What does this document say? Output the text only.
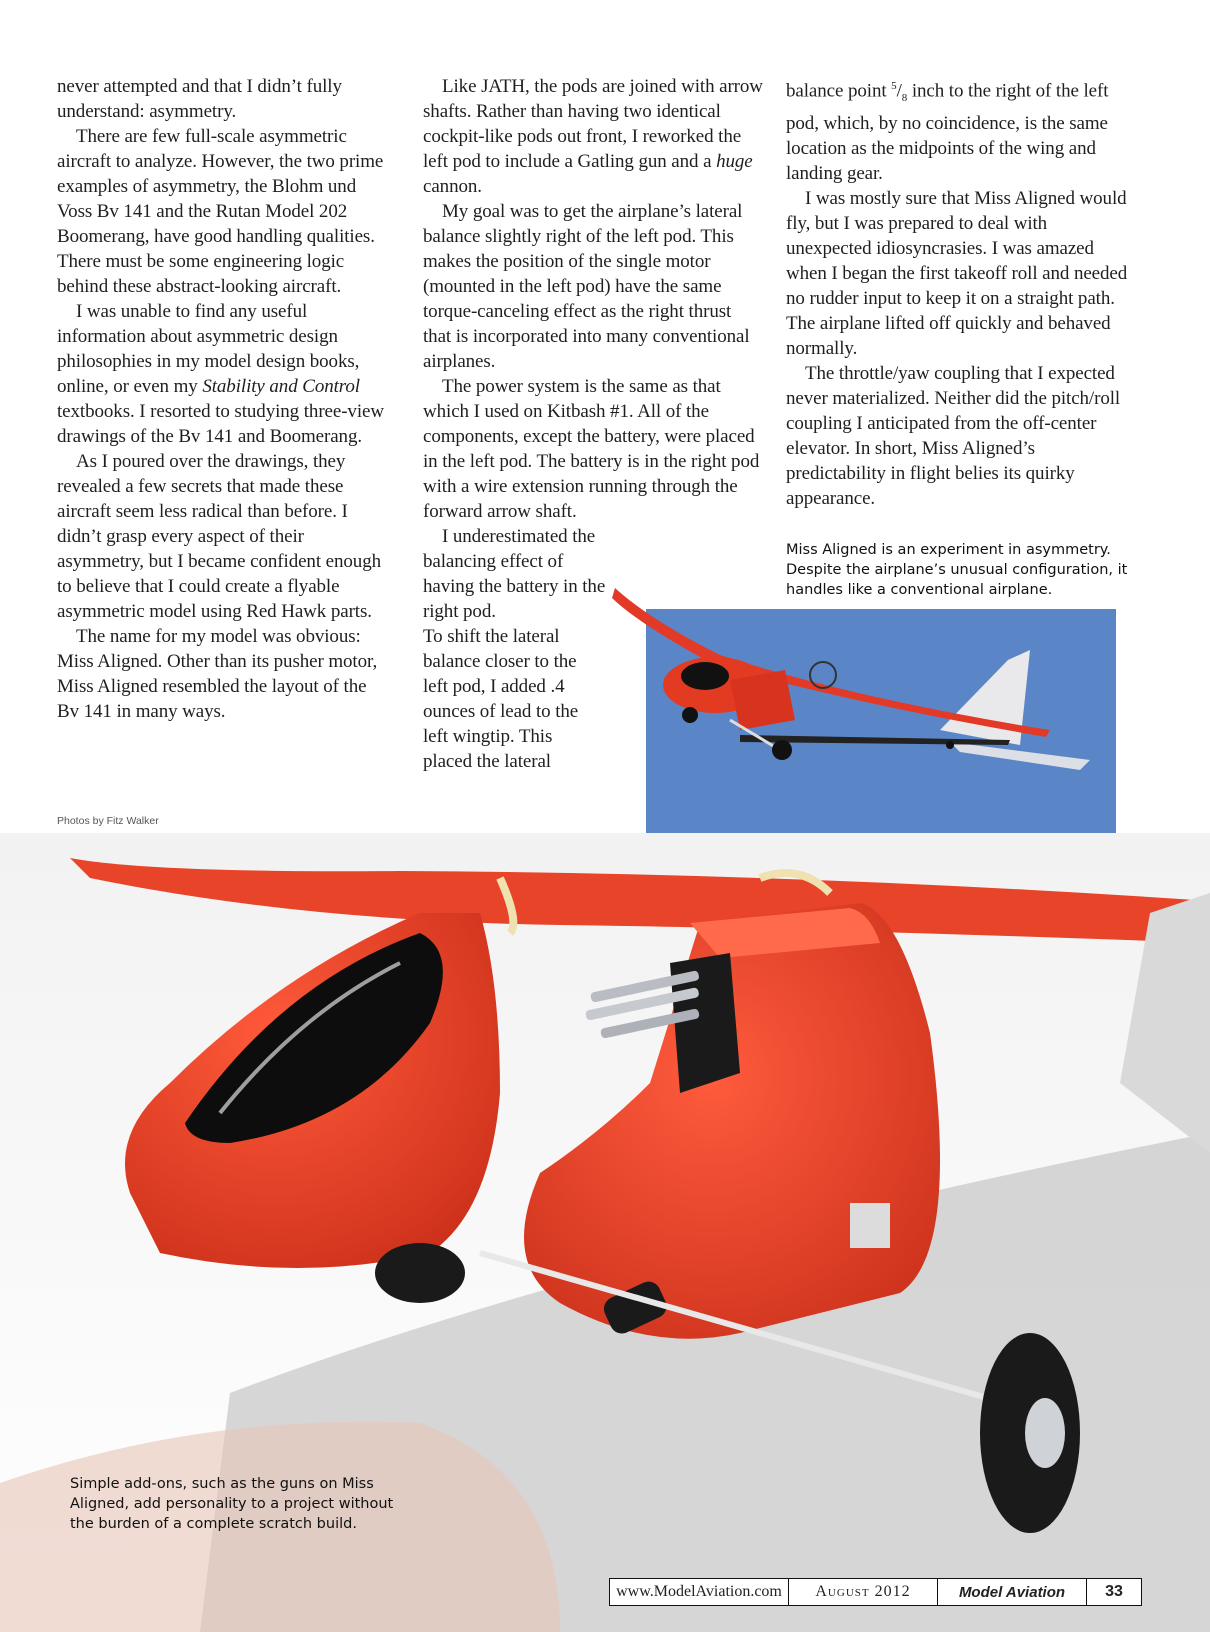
never attempted and that I didn’t fully understand: asymmetry.

There are few full-scale asymmetric aircraft to analyze. However, the two prime examples of asymmetry, the Blohm und Voss Bv 141 and the Rutan Model 202 Boomerang, have good handling qualities. There must be some engineering logic behind these abstract-looking aircraft.

I was unable to find any useful information about asymmetric design philosophies in my model design books, online, or even my Stability and Control textbooks. I resorted to studying three-view drawings of the Bv 141 and Boomerang.

As I poured over the drawings, they revealed a few secrets that made these aircraft seem less radical than before. I didn’t grasp every aspect of their asymmetry, but I became confident enough to believe that I could create a flyable asymmetric model using Red Hawk parts.

The name for my model was obvious: Miss Aligned. Other than its pusher motor, Miss Aligned resembled the layout of the Bv 141 in many ways.

Like JATH, the pods are joined with arrow shafts. Rather than having two identical cockpit-like pods out front, I reworked the left pod to include a Gatling gun and a huge cannon.

My goal was to get the airplane’s lateral balance slightly right of the left pod. This makes the position of the single motor (mounted in the left pod) have the same torque-canceling effect as the right thrust that is incorporated into many conventional airplanes.

The power system is the same as that which I used on Kitbash #1. All of the components, except the battery, were placed in the left pod. The battery is in the right pod with a wire extension running through the forward arrow shaft.

I underestimated the balancing effect of having the battery in the right pod.

To shift the lateral balance closer to the left pod, I added .4 ounces of lead to the left wingtip. This placed the lateral

balance point $^5/_8$ inch to the right of the left pod, which, by no coincidence, is the same location as the midpoints of the wing and landing gear.

I was mostly sure that Miss Aligned would fly, but I was prepared to deal with unexpected idiosyncrasies. I was amazed when I began the first takeoff roll and needed no rudder input to keep it on a straight path. The airplane lifted off quickly and behaved normally.

The throttle/yaw coupling that I expected never materialized. Neither did the pitch/roll coupling I anticipated from the off-center elevator. In short, Miss Aligned’s predictability in flight belies its quirky appearance.

Miss Aligned is an experiment in asymmetry. Despite the airplane’s unusual configuration, it handles like a conventional airplane.
Photos by Fitz Walker
Simple add-ons, such as the guns on Miss Aligned, add personality to a project without the burden of a complete scratch build.
www.ModelAviation.com	August 2012	Model Aviation	33
